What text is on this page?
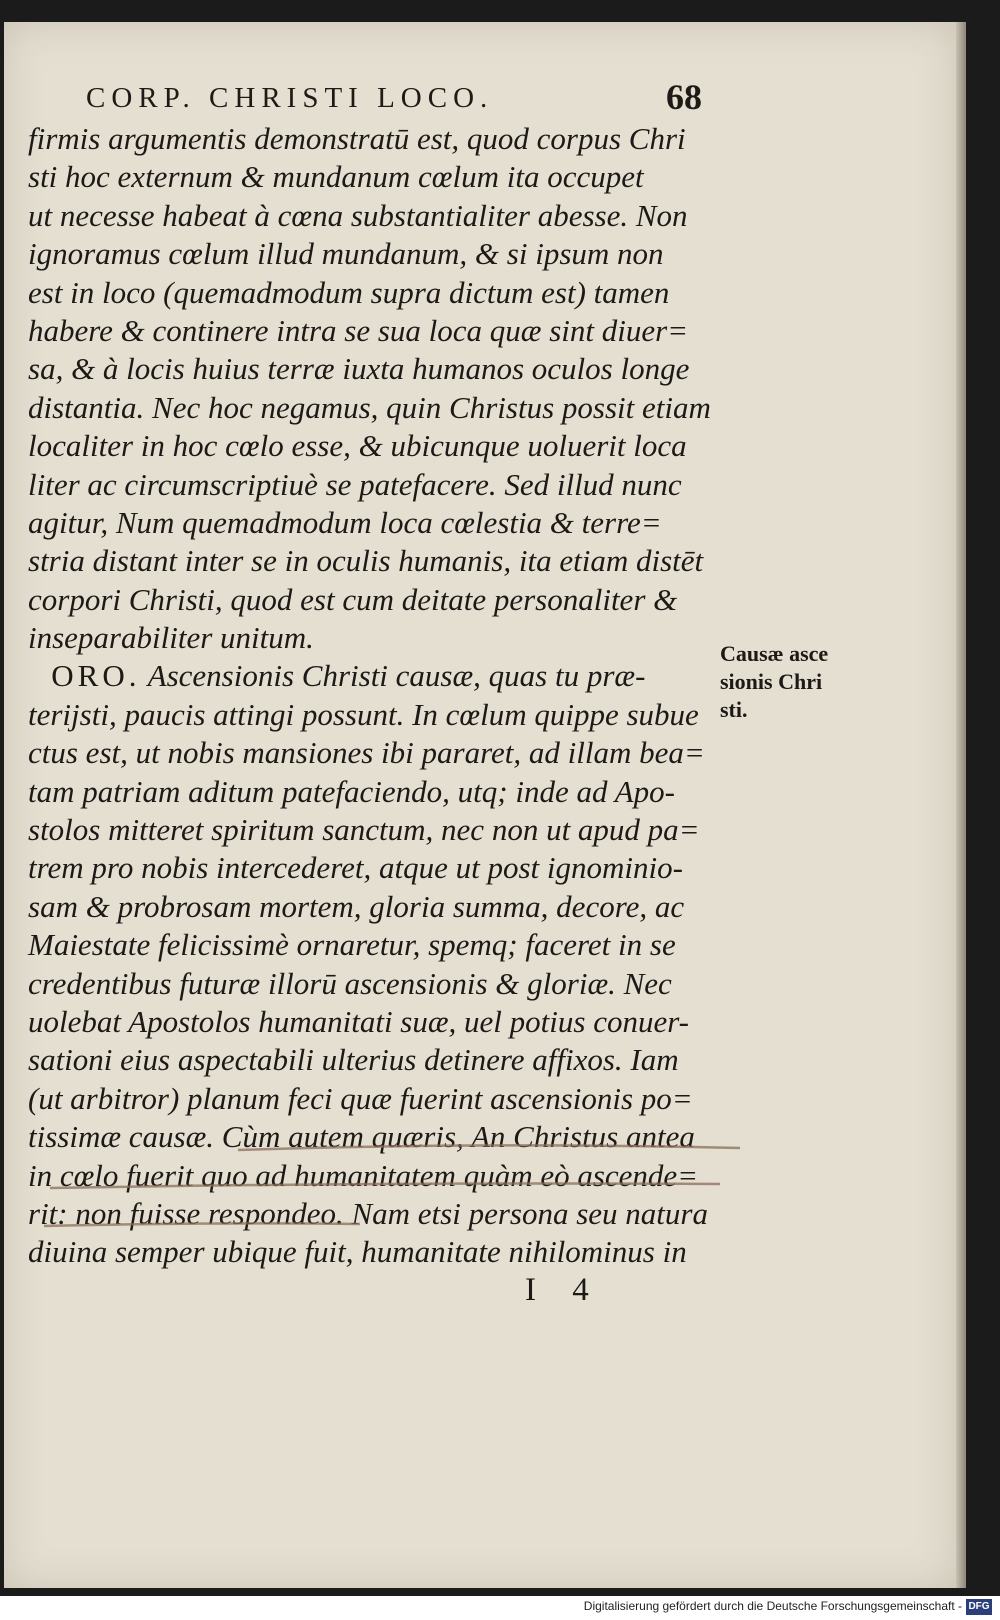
CORP. CHRISTI LOCO.	68
firmis argumentis demonstratū est, quod corpus Chri
sti hoc externum & mundanum cœlum ita occupet
ut necesse habeat à cœna substantialiter abesse. Non
ignoramus cœlum illud mundanum, & si ipsum non
est in loco (quemadmodum supra dictum est) tamen
habere & continere intra se sua loca quæ sint diuer=
sa, & à locis huius terræ iuxta humanos oculos longe
distantia. Nec hoc negamus, quin Christus possit etiam
localiter in hoc cœlo esse, & ubicunque uoluerit loca
liter ac circumscriptiuè se patefacere. Sed illud nunc
agitur, Num quemadmodum loca cœlestia & terre=
stria distant inter se in oculis humanis, ita etiam distēt
corpori Christi, quod est cum deitate personaliter &
inseparabiliter unitum.
ORO. Ascensionis Christi causæ, quas tu præ-
terijsti, paucis attingi possunt. In cœlum quippe subue
ctus est, ut nobis mansiones ibi pararet, ad illam bea=
tam patriam aditum patefaciendo, utq; inde ad Apo-
stolos mitteret spiritum sanctum, nec non ut apud pa=
trem pro nobis intercederet, atque ut post ignominio-
sam & probrosam mortem, gloria summa, decore, ac
Maiestate felicissimè ornaretur, spemq; faceret in se
credentibus futuræ illorū ascensionis & gloriæ. Nec
uolebat Apostolos humanitati suæ, uel potius conuer-
sationi eius aspectabili ulterius detinere affixos. Iam
(ut arbitror) planum feci quæ fuerint ascensionis po=
tissimæ causæ. Cùm autem quæris, An Christus antea
in cœlo fuerit quo ad humanitatem quàm eò ascende=
rit: non fuisse respondeo. Nam etsi persona seu natura
diuina semper ubique fuit, humanitate nihilominus in
Causæ asce
sionis Chri
sti.
I 4
Digitalisierung gefördert durch die Deutsche Forschungsgemeinschaft - DFG
